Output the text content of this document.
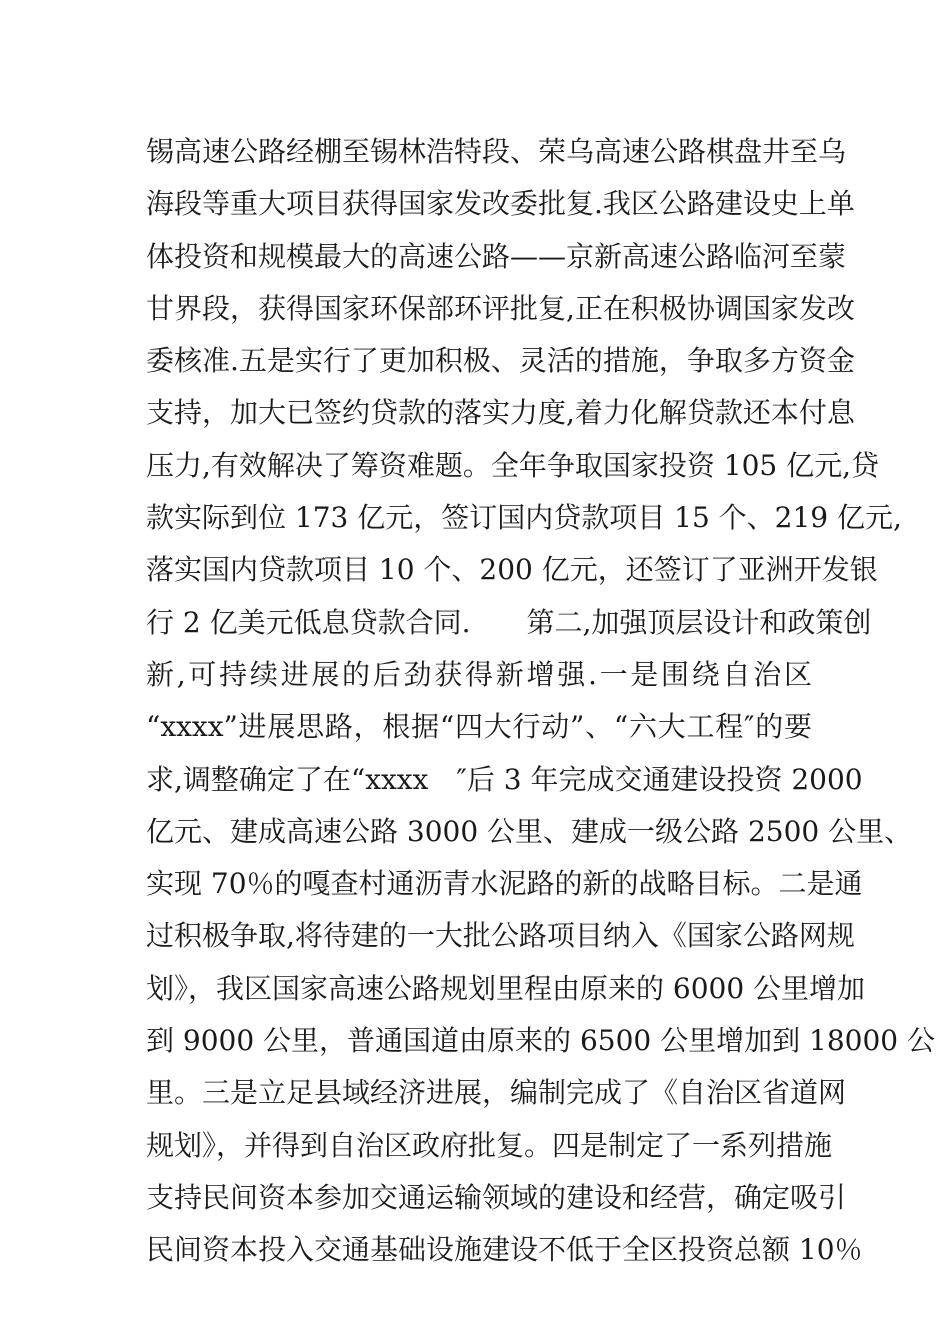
锡高速公路经棚至锡林浩特段、荣乌高速公路棋盘井至乌
海段等重大项目获得国家发改委批复.我区公路建设史上单
体投资和规模最大的高速公路——京新高速公路临河至蒙
甘界段，获得国家环保部环评批复,正在积极协调国家发改
委核准.五是实行了更加积极、灵活的措施，争取多方资金
支持，加大已签约贷款的落实力度,着力化解贷款还本付息
压力,有效解决了筹资难题。全年争取国家投资 105 亿元,贷
款实际到位 173 亿元，签订国内贷款项目 15 个、219 亿元,
落实国内贷款项目 10 个、200 亿元，还签订了亚洲开发银
行 2 亿美元低息贷款合同.　　第二,加强顶层设计和政策创
新,可持续进展的后劲获得新增强.一是围绕自治区
“xxxx”进展思路，根据“四大行动”、“六大工程″的要
求,调整确定了在“xxxx　″后 3 年完成交通建设投资 2000
亿元、建成高速公路 3000 公里、建成一级公路 2500 公里、
实现 70％的嘎查村通沥青水泥路的新的战略目标。二是通
过积极争取,将待建的一大批公路项目纳入《国家公路网规
划》，我区国家高速公路规划里程由原来的 6000 公里增加
到 9000 公里，普通国道由原来的 6500 公里增加到 18000 公
里。三是立足县域经济进展，编制完成了《自治区省道网
规划》，并得到自治区政府批复。四是制定了一系列措施
支持民间资本参加交通运输领域的建设和经营，确定吸引
民间资本投入交通基础设施建设不低于全区投资总额 10％
